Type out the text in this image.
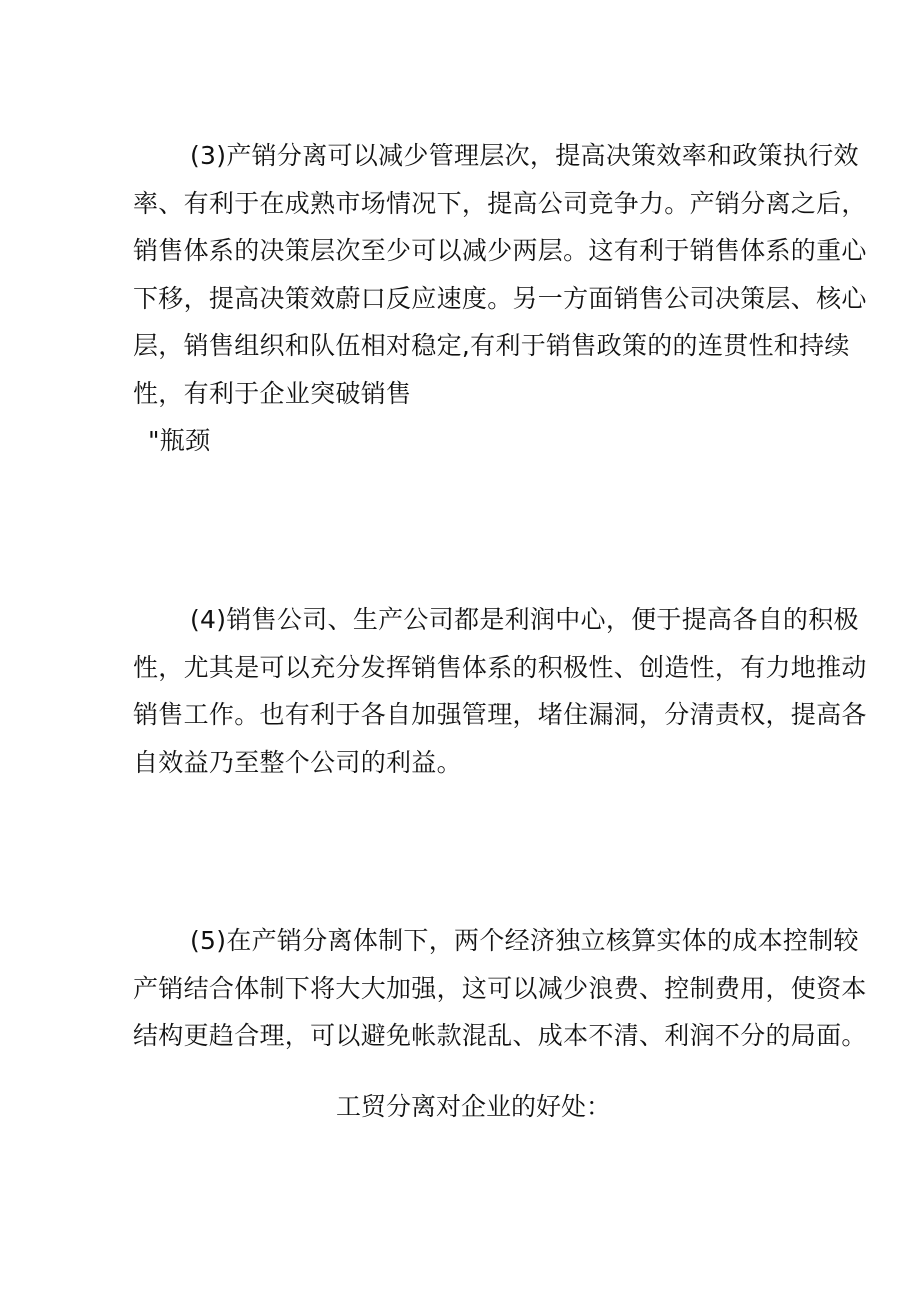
(3)产销分离可以减少管理层次，提高决策效率和政策执行效
率、有利于在成熟市场情况下，提高公司竞争力。产销分离之后，
销售体系的决策层次至少可以减少两层。这有利于销售体系的重心
下移，提高决策效蔚口反应速度。另一方面销售公司决策层、核心
层，销售组织和队伍相对稳定,有利于销售政策的的连贯性和持续
性，有利于企业突破销售
"瓶颈
(4)销售公司、生产公司都是利润中心，便于提高各自的积极
性，尤其是可以充分发挥销售体系的积极性、创造性，有力地推动
销售工作。也有利于各自加强管理，堵住漏洞，分清责权，提高各
自效益乃至整个公司的利益。
(5)在产销分离体制下，两个经济独立核算实体的成本控制较
产销结合体制下将大大加强，这可以减少浪费、控制费用，使资本
结构更趋合理，可以避免帐款混乱、成本不清、利润不分的局面。
工贸分离对企业的好处：
